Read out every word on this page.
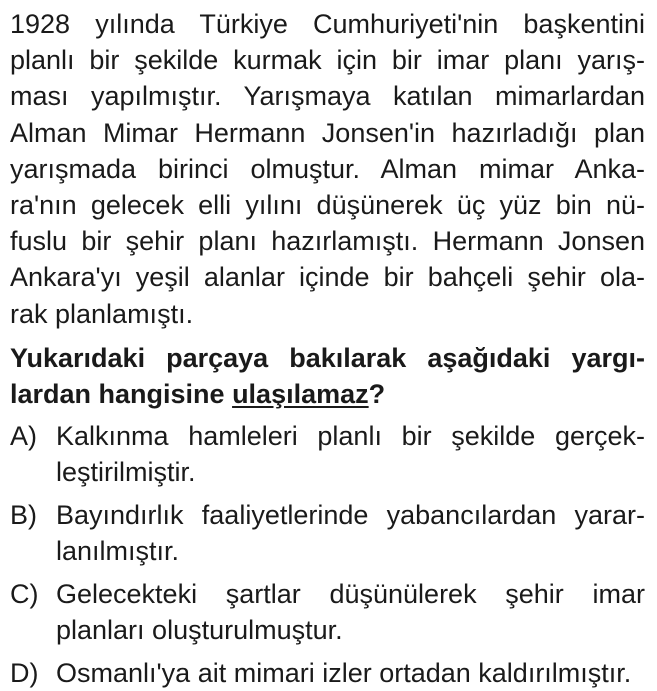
1928 yılında Türkiye Cumhuriyeti'nin başkentini
planlı bir şekilde kurmak için bir imar planı yarış-
ması yapılmıştır. Yarışmaya katılan mimarlardan
Alman Mimar Hermann Jonsen'in hazırladığı plan
yarışmada birinci olmuştur. Alman mimar Anka-
ra'nın gelecek elli yılını düşünerek üç yüz bin nü-
fuslu bir şehir planı hazırlamıştı. Hermann Jonsen
Ankara'yı yeşil alanlar içinde bir bahçeli şehir ola-
rak planlamıştı.
Yukarıdaki parçaya bakılarak aşağıdaki yargı-
lardan hangisine ulaşılamaz?
A) Kalkınma hamleleri planlı bir şekilde gerçek-
leştirilmiştir.
B) Bayındırlık faaliyetlerinde yabancılardan yarar-
lanılmıştır.
C) Gelecekteki şartlar düşünülerek şehir imar
planları oluşturulmuştur.
D) Osmanlı'ya ait mimari izler ortadan kaldırılmıştır.
